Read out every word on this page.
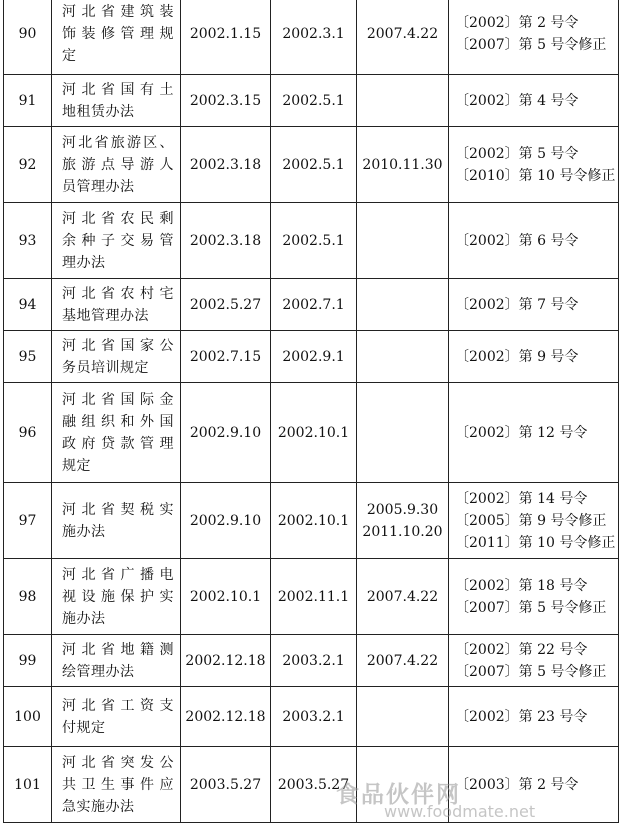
90	河北省建筑装
饰装修管理规
定	2002.1.15	2002.3.1	2007.4.22	〔2002〕第 2 号令
〔2007〕第 5 号令修正

91	河北省国有土
地租赁办法	2002.3.15	2002.5.1		〔2002〕第 4 号令

92	河北省旅游区、
旅游点导游人
员管理办法	2002.3.18	2002.5.1	2010.11.30	〔2002〕第 5 号令
〔2010〕第 10 号令修正

93	河北省农民剩
余种子交易管
理办法	2002.3.18	2002.5.1		〔2002〕第 6 号令

94	河北省农村宅
基地管理办法	2002.5.27	2002.7.1		〔2002〕第 7 号令

95	河北省国家公
务员培训规定	2002.7.15	2002.9.1		〔2002〕第 9 号令

96	河北省国际金
融组织和外国
政府贷款管理
规定	2002.9.10	2002.10.1		〔2002〕第 12 号令

97	河北省契税实
施办法	2002.9.10	2002.10.1	2005.9.30
2011.10.20	〔2002〕第 14 号令
〔2005〕第 9 号令修正
〔2011〕第 10 号令修正

98	河北省广播电
视设施保护实
施办法	2002.10.1	2002.11.1	2007.4.22	〔2002〕第 18 号令
〔2007〕第 5 号令修正

99	河北省地籍测
绘管理办法	2002.12.18	2003.2.1	2007.4.22	〔2002〕第 22 号令
〔2007〕第 5 号令修正

100	河北省工资支
付规定	2002.12.18	2003.2.1		〔2002〕第 23 号令

101	河北省突发公
共卫生事件应
急实施办法	2003.5.27	2003.5.27		〔2003〕第 2 号令
食品伙伴网
www.foodmate.net
